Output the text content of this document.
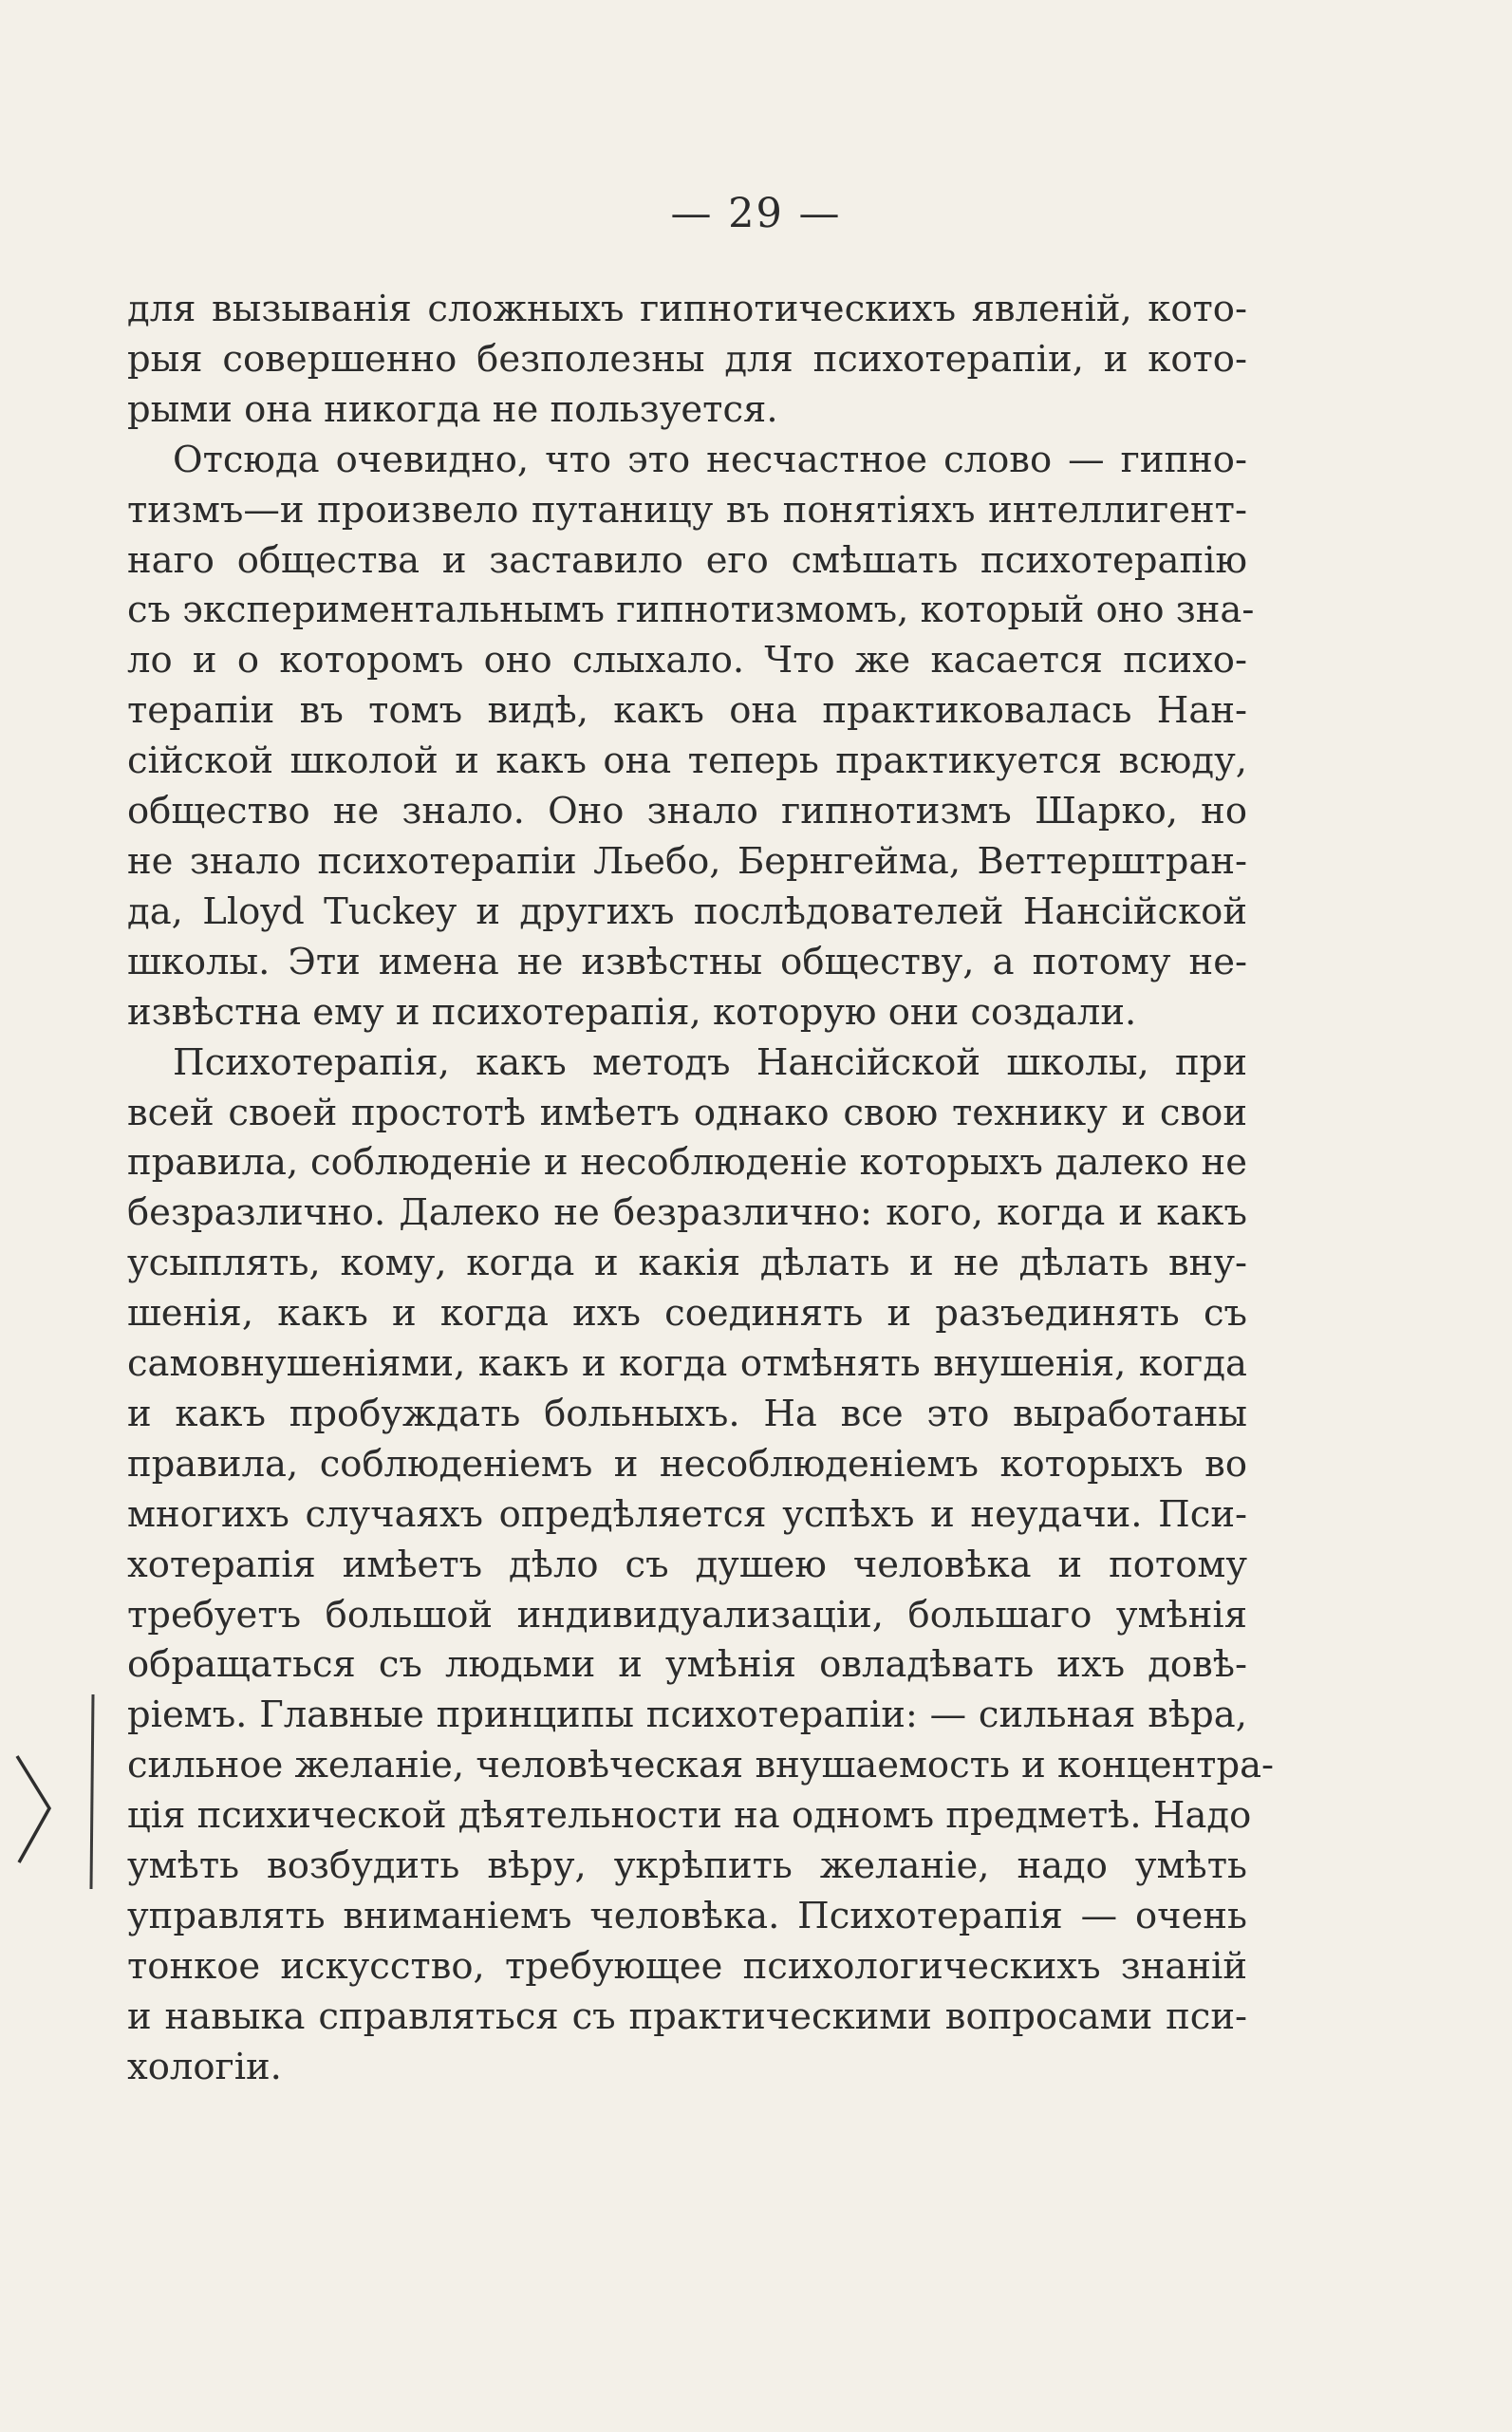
— 29 —
для вызыванія сложныхъ гипнотическихъ явленій, кото-
рыя совершенно безполезны для психотерапіи, и кото-
рыми она никогда не пользуется.
Отсюда очевидно, что это несчастное слово — гипно-
тизмъ—и произвело путаницу въ понятіяхъ интеллигент-
наго общества и заставило его смѣшать психотерапію
съ экспериментальнымъ гипнотизмомъ, который оно зна-
ло и о которомъ оно слыхало. Что же касается психо-
терапіи въ томъ видѣ, какъ она практиковалась Нан-
сійской школой и какъ она теперь практикуется всюду,
общество не знало. Оно знало гипнотизмъ Шарко, но
не знало психотерапіи Льебо, Бернгейма, Веттерштран-
да, Lloyd Tuckey и другихъ послѣдователей Нансійской
школы. Эти имена не извѣстны обществу, а потому не-
извѣстна ему и психотерапія, которую они создали.
Психотерапія, какъ методъ Нансійской школы, при
всей своей простотѣ имѣетъ однако свою технику и свои
правила, соблюденіе и несоблюденіе которыхъ далеко не
безразлично. Далеко не безразлично: кого, когда и какъ
усыплять, кому, когда и какія дѣлать и не дѣлать вну-
шенія, какъ и когда ихъ соединять и разъединять съ
самовнушеніями, какъ и когда отмѣнять внушенія, когда
и какъ пробуждать больныхъ. На все это выработаны
правила, соблюденіемъ и несоблюденіемъ которыхъ во
многихъ случаяхъ опредѣляется успѣхъ и неудачи. Пси-
хотерапія имѣетъ дѣло съ душею человѣка и потому
требуетъ большой индивидуализаціи, большаго умѣнія
обращаться съ людьми и умѣнія овладѣвать ихъ довѣ-
ріемъ. Главные принципы психотерапіи: — сильная вѣра,
сильное желаніе, человѣческая внушаемость и концентра-
ція психической дѣятельности на одномъ предметѣ. Надо
умѣть возбудить вѣру, укрѣпить желаніе, надо умѣть
управлять вниманіемъ человѣка. Психотерапія — очень
тонкое искусство, требующее психологическихъ знаній
и навыка справляться съ практическими вопросами пси-
хологіи.
